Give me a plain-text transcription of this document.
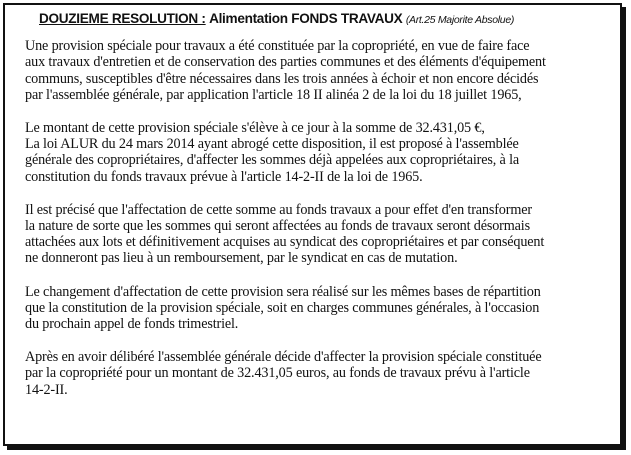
DOUZIEME RESOLUTION : Alimentation FONDS TRAVAUX (Art.25 Majorite Absolue)
Une provision spéciale pour travaux a été constituée par la copropriété, en vue de faire face
aux travaux d'entretien et de conservation des parties communes et des éléments d'équipement
communs, susceptibles d'être nécessaires dans les trois années à échoir et non encore décidés
par l'assemblée générale, par application l'article 18 II alinéa 2 de la loi du 18 juillet 1965,
Le montant de cette provision spéciale s'élève à ce jour à la somme de 32.431,05 €,
La loi ALUR du 24 mars 2014 ayant abrogé cette disposition, il est proposé à l'assemblée
générale des copropriétaires, d'affecter les sommes déjà appelées aux copropriétaires, à la
constitution du fonds travaux prévue à l'article 14-2-II de la loi de 1965.
Il est précisé que l'affectation de cette somme au fonds travaux a pour effet d'en transformer
la nature de sorte que les sommes qui seront affectées au fonds de travaux seront désormais
attachées aux lots et définitivement acquises au syndicat des copropriétaires et par conséquent
ne donneront pas lieu à un remboursement, par le syndicat en cas de mutation.
Le changement d'affectation de cette provision sera réalisé sur les mêmes bases de répartition
que la constitution de la provision spéciale, soit en charges communes générales, à l'occasion
du prochain appel de fonds trimestriel.
Après en avoir délibéré l'assemblée générale décide d'affecter la provision spéciale constituée
par la copropriété pour un montant de 32.431,05 euros, au fonds de travaux prévu à l'article
14-2-II.
